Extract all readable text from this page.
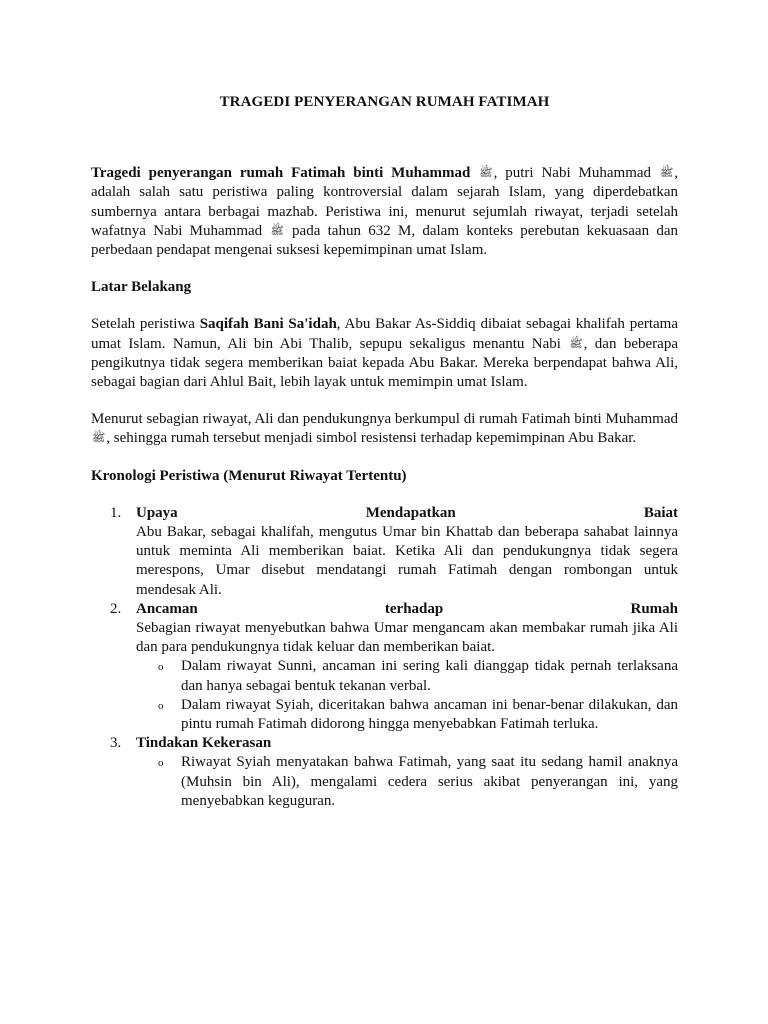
TRAGEDI PENYERANGAN RUMAH FATIMAH

Tragedi penyerangan rumah Fatimah binti Muhammad ﷺ, putri Nabi Muhammad ﷺ, adalah salah satu peristiwa paling kontroversial dalam sejarah Islam, yang diperdebatkan sumbernya antara berbagai mazhab. Peristiwa ini, menurut sejumlah riwayat, terjadi setelah wafatnya Nabi Muhammad ﷺ pada tahun 632 M, dalam konteks perebutan kekuasaan dan perbedaan pendapat mengenai suksesi kepemimpinan umat Islam.

Latar Belakang

Setelah peristiwa Saqifah Bani Sa'idah, Abu Bakar As-Siddiq dibaiat sebagai khalifah pertama umat Islam. Namun, Ali bin Abi Thalib, sepupu sekaligus menantu Nabi ﷺ, dan beberapa pengikutnya tidak segera memberikan baiat kepada Abu Bakar. Mereka berpendapat bahwa Ali, sebagai bagian dari Ahlul Bait, lebih layak untuk memimpin umat Islam.

Menurut sebagian riwayat, Ali dan pendukungnya berkumpul di rumah Fatimah binti Muhammad ﷺ, sehingga rumah tersebut menjadi simbol resistensi terhadap kepemimpinan Abu Bakar.

Kronologi Peristiwa (Menurut Riwayat Tertentu)

1. Upaya	Mendapatkan	Baiat
Abu Bakar, sebagai khalifah, mengutus Umar bin Khattab dan beberapa sahabat lainnya untuk meminta Ali memberikan baiat. Ketika Ali dan pendukungnya tidak segera merespons, Umar disebut mendatangi rumah Fatimah dengan rombongan untuk mendesak Ali.
2. Ancaman	terhadap	Rumah
Sebagian riwayat menyebutkan bahwa Umar mengancam akan membakar rumah jika Ali dan para pendukungnya tidak keluar dan memberikan baiat.
o Dalam riwayat Sunni, ancaman ini sering kali dianggap tidak pernah terlaksana dan hanya sebagai bentuk tekanan verbal.
o Dalam riwayat Syiah, diceritakan bahwa ancaman ini benar-benar dilakukan, dan pintu rumah Fatimah didorong hingga menyebabkan Fatimah terluka.
3. Tindakan Kekerasan
o Riwayat Syiah menyatakan bahwa Fatimah, yang saat itu sedang hamil anaknya (Muhsin bin Ali), mengalami cedera serius akibat penyerangan ini, yang menyebabkan keguguran.
